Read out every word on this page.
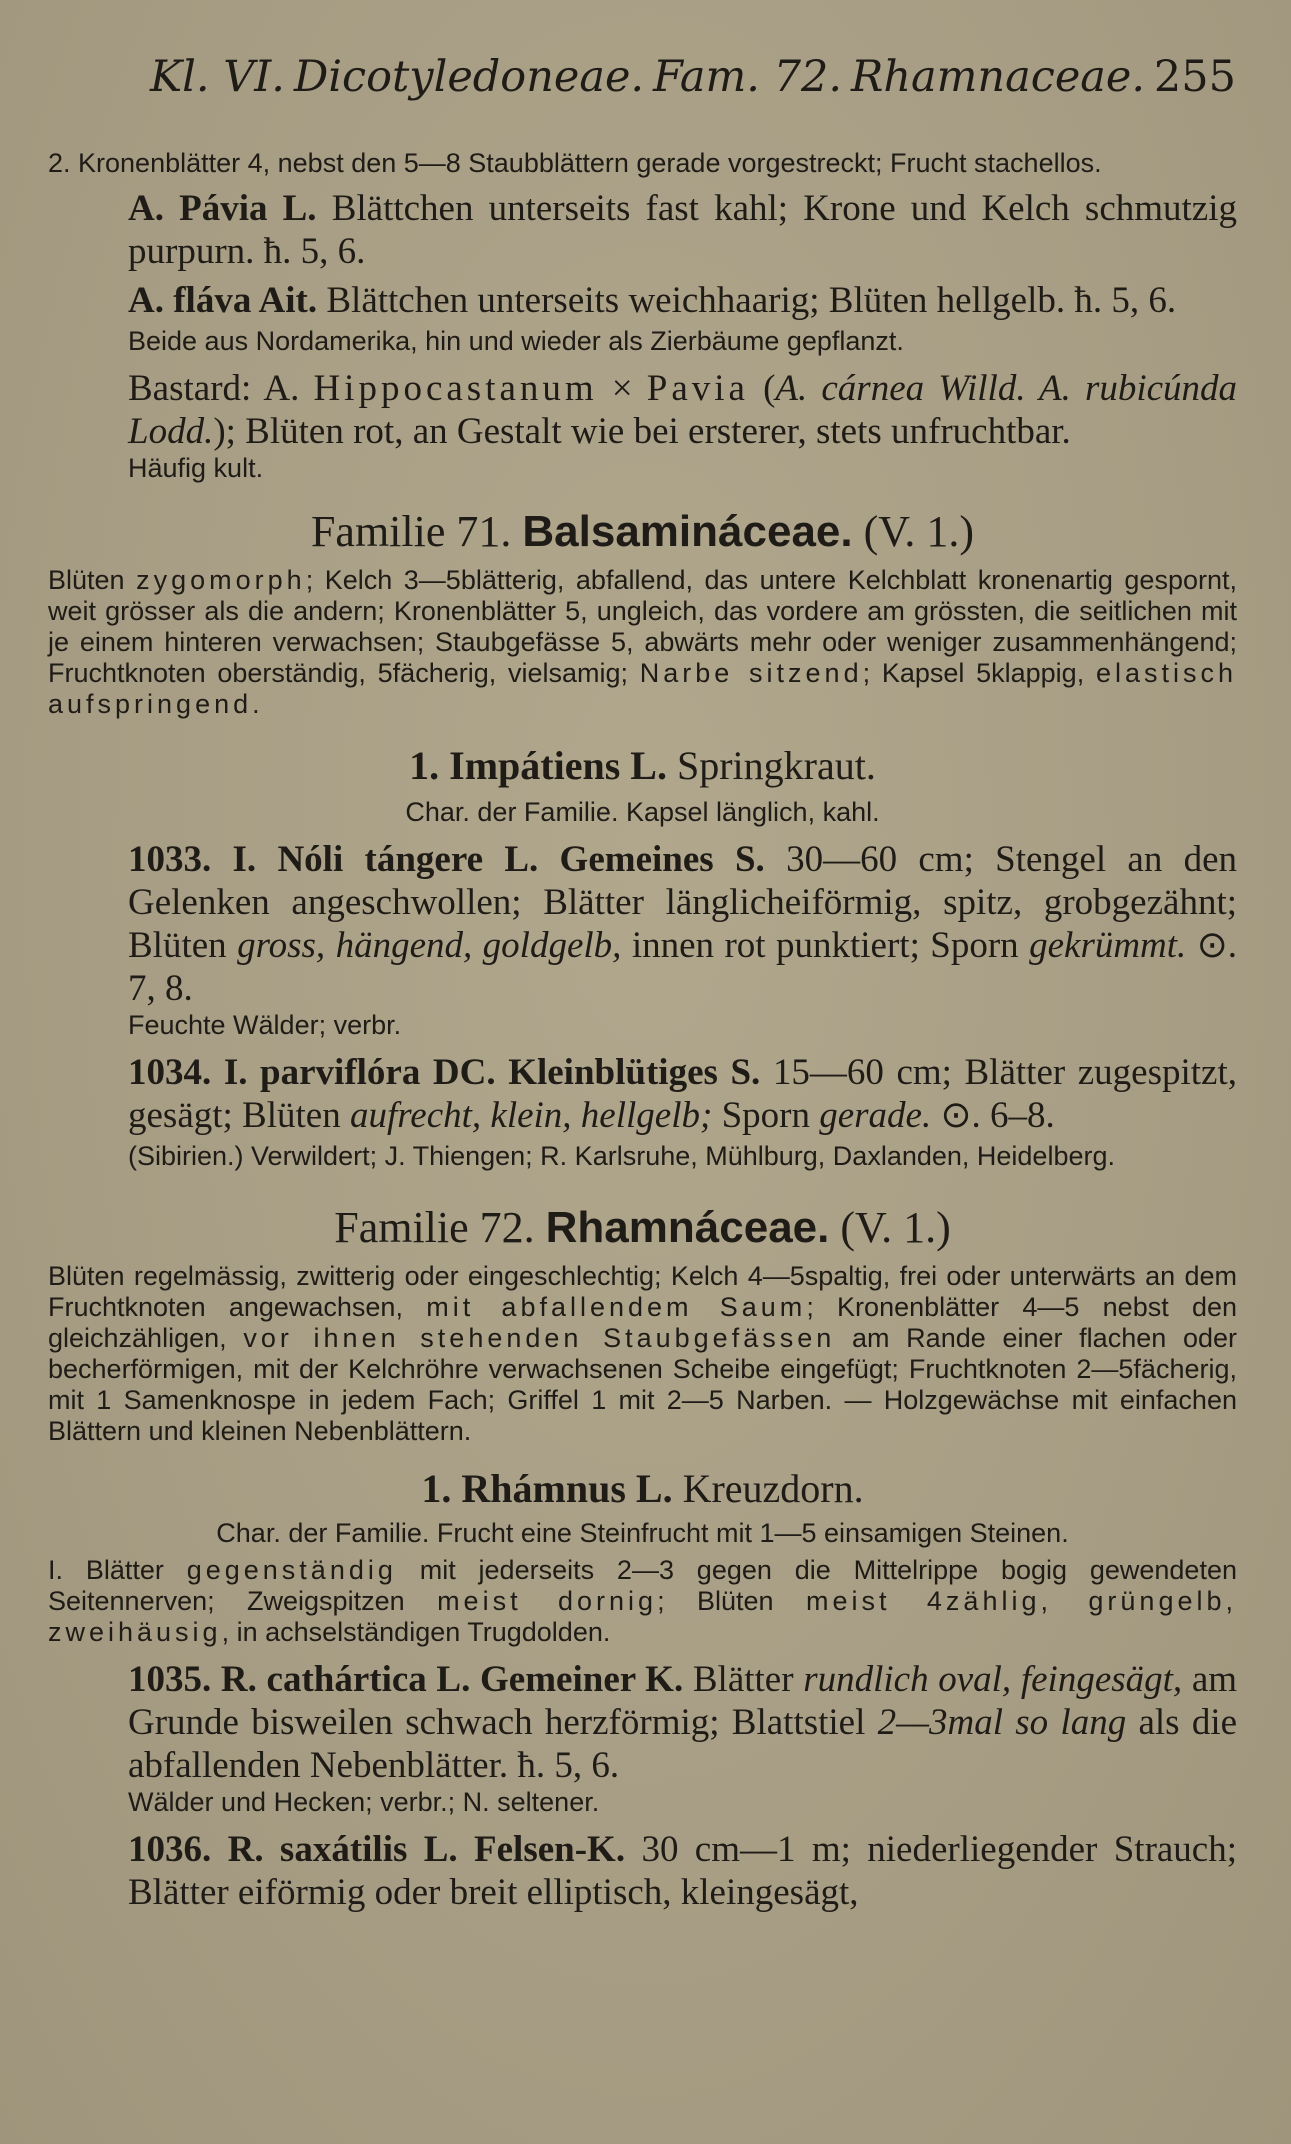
Kl. VI. Dicotyledoneae. Fam. 72. Rhamnaceae. 255

2. Kronenblätter 4, nebst den 5—8 Staubblättern gerade vorgestreckt; Frucht stachellos.

A. Pávia L. Blättchen unterseits fast kahl; Krone und Kelch schmutzig purpurn. ħ. 5, 6.

A. fláva Ait. Blättchen unterseits weichhaarig; Blüten hellgelb. ħ. 5, 6.

Beide aus Nordamerika, hin und wieder als Zierbäume gepflanzt.

Bastard: A. Hippocastanum × Pavia (A. cárnea Willd. A. rubicúnda Lodd.); Blüten rot, an Gestalt wie bei ersterer, stets unfruchtbar.

Häufig kult.

Familie 71. Balsamináceae. (V. 1.)

Blüten zygomorph; Kelch 3—5blätterig, abfallend, das untere Kelchblatt kronenartig gespornt, weit grösser als die andern; Kronenblätter 5, ungleich, das vordere am grössten, die seitlichen mit je einem hinteren verwachsen; Staubgefässe 5, abwärts mehr oder weniger zusammenhängend; Fruchtknoten oberständig, 5fächerig, vielsamig; Narbe sitzend; Kapsel 5klappig, elastisch aufspringend.

1. Impátiens L. Springkraut.

Char. der Familie. Kapsel länglich, kahl.

1033. I. Nóli tángere L. Gemeines S. 30—60 cm; Stengel an den Gelenken angeschwollen; Blätter länglicheiförmig, spitz, grobgezähnt; Blüten gross, hängend, goldgelb, innen rot punktiert; Sporn gekrümmt. ⊙. 7, 8.

Feuchte Wälder; verbr.

1034. I. parviflóra DC. Kleinblütiges S. 15—60 cm; Blätter zugespitzt, gesägt; Blüten aufrecht, klein, hellgelb; Sporn gerade. ⊙. 6–8.

(Sibirien.) Verwildert; J. Thiengen; R. Karlsruhe, Mühlburg, Daxlanden, Heidelberg.

Familie 72. Rhamnáceae. (V. 1.)

Blüten regelmässig, zwitterig oder eingeschlechtig; Kelch 4—5spaltig, frei oder unterwärts an dem Fruchtknoten angewachsen, mit abfallendem Saum; Kronenblätter 4—5 nebst den gleichzähligen, vor ihnen stehenden Staubgefässen am Rande einer flachen oder becherförmigen, mit der Kelchröhre verwachsenen Scheibe eingefügt; Fruchtknoten 2—5fächerig, mit 1 Samenknospe in jedem Fach; Griffel 1 mit 2—5 Narben. — Holzgewächse mit einfachen Blättern und kleinen Nebenblättern.

1. Rhámnus L. Kreuzdorn.

Char. der Familie. Frucht eine Steinfrucht mit 1—5 einsamigen Steinen.

I. Blätter gegenständig mit jederseits 2—3 gegen die Mittelrippe bogig gewendeten Seitennerven; Zweigspitzen meist dornig; Blüten meist 4zählig, grüngelb, zweihäusig, in achselständigen Trugdolden.

1035. R. cathártica L. Gemeiner K. Blätter rundlich oval, feingesägt, am Grunde bisweilen schwach herzförmig; Blattstiel 2—3mal so lang als die abfallenden Nebenblätter. ħ. 5, 6.

Wälder und Hecken; verbr.; N. seltener.

1036. R. saxátilis L. Felsen-K. 30 cm—1 m; niederliegender Strauch; Blätter eiförmig oder breit elliptisch, kleingesägt,
